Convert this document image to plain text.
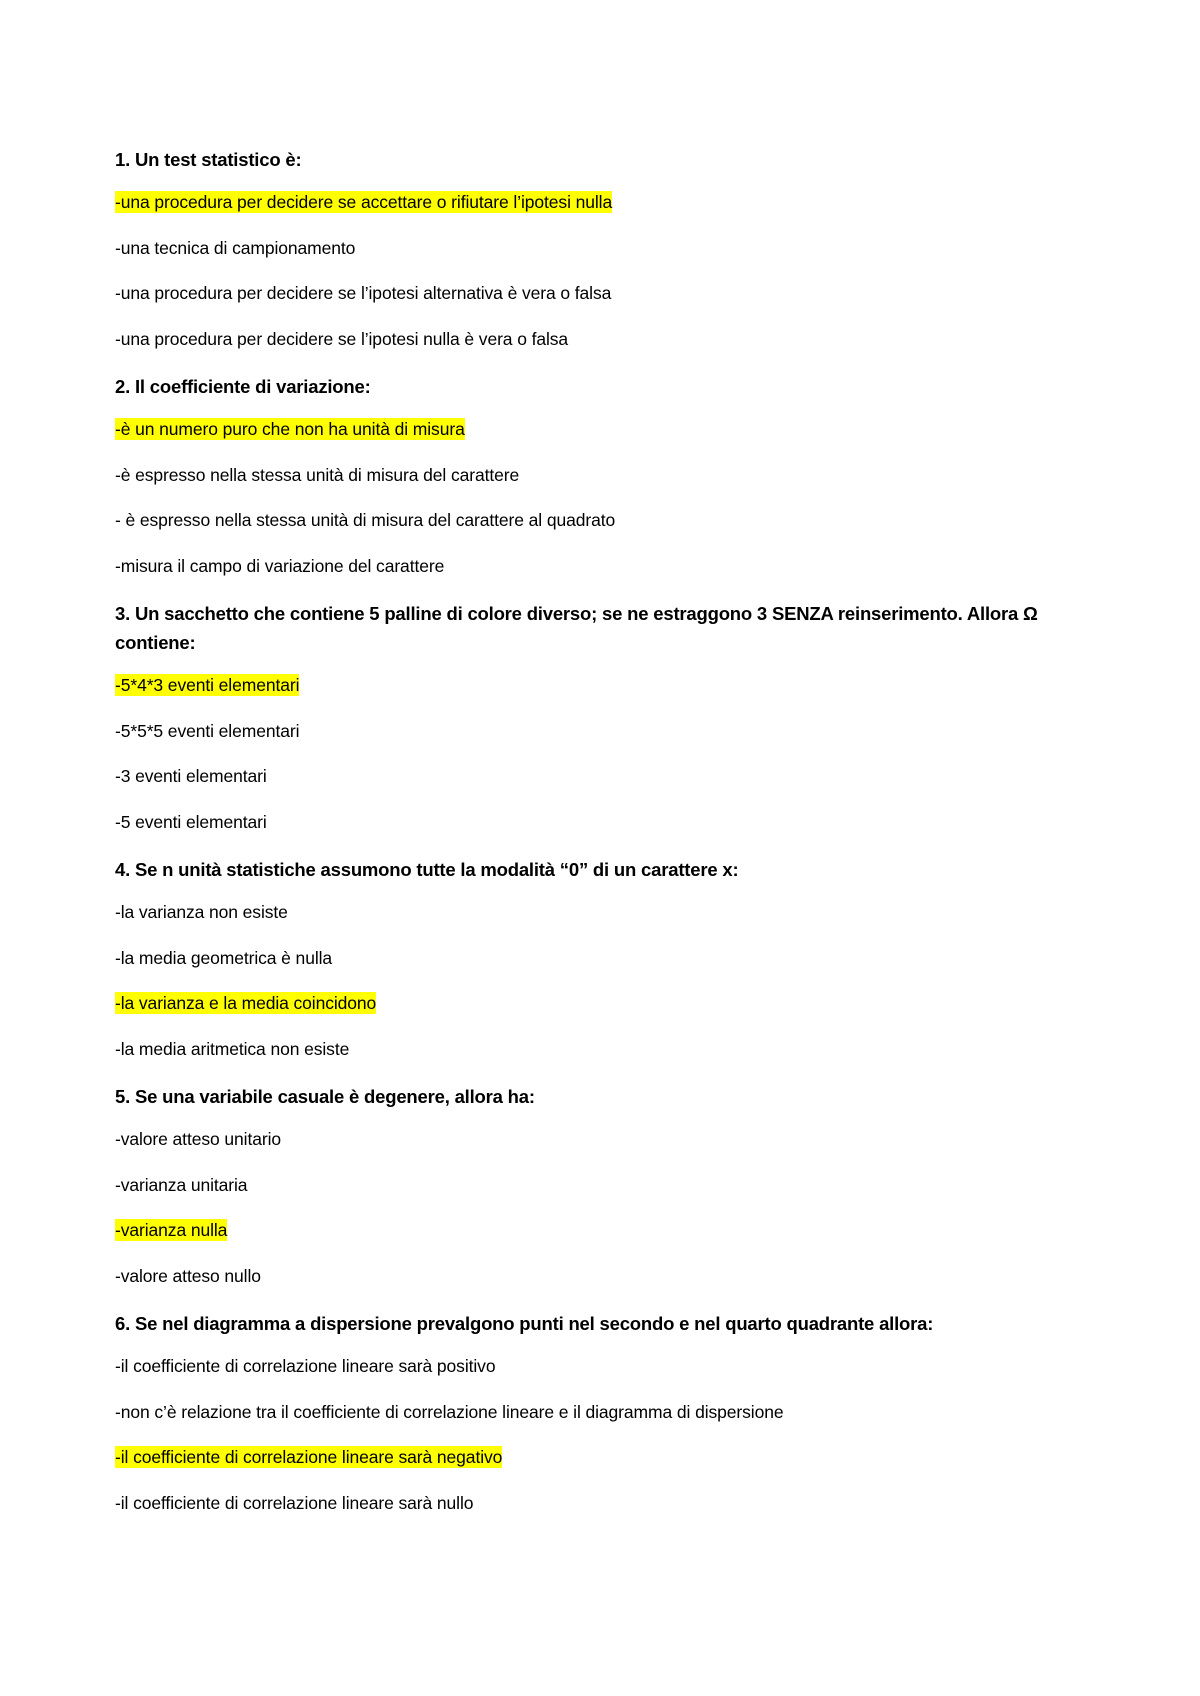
1. Un test statistico è:

-una procedura per decidere se accettare o rifiutare l’ipotesi nulla

-una tecnica di campionamento

-una procedura per decidere se l’ipotesi alternativa è vera o falsa

-una procedura per decidere se l’ipotesi nulla è vera o falsa

2. Il coefficiente di variazione:

-è un numero puro che non ha unità di misura

-è espresso nella stessa unità di misura del carattere

- è espresso nella stessa unità di misura del carattere al quadrato

-misura il campo di variazione del carattere

3. Un sacchetto che contiene 5 palline di colore diverso; se ne estraggono 3 SENZA reinserimento. Allora Ω contiene:

-5*4*3 eventi elementari

-5*5*5 eventi elementari

-3 eventi elementari

-5 eventi elementari

4. Se n unità statistiche assumono tutte la modalità “0” di un carattere x:

-la varianza non esiste

-la media geometrica è nulla

-la varianza e la media coincidono

-la media aritmetica non esiste

5. Se una variabile casuale è degenere, allora ha:

-valore atteso unitario

-varianza unitaria

-varianza nulla

-valore atteso nullo

6. Se nel diagramma a dispersione prevalgono punti nel secondo e nel quarto quadrante allora:

-il coefficiente di correlazione lineare sarà positivo

-non c’è relazione tra il coefficiente di correlazione lineare e il diagramma di dispersione

-il coefficiente di correlazione lineare sarà negativo

-il coefficiente di correlazione lineare sarà nullo
